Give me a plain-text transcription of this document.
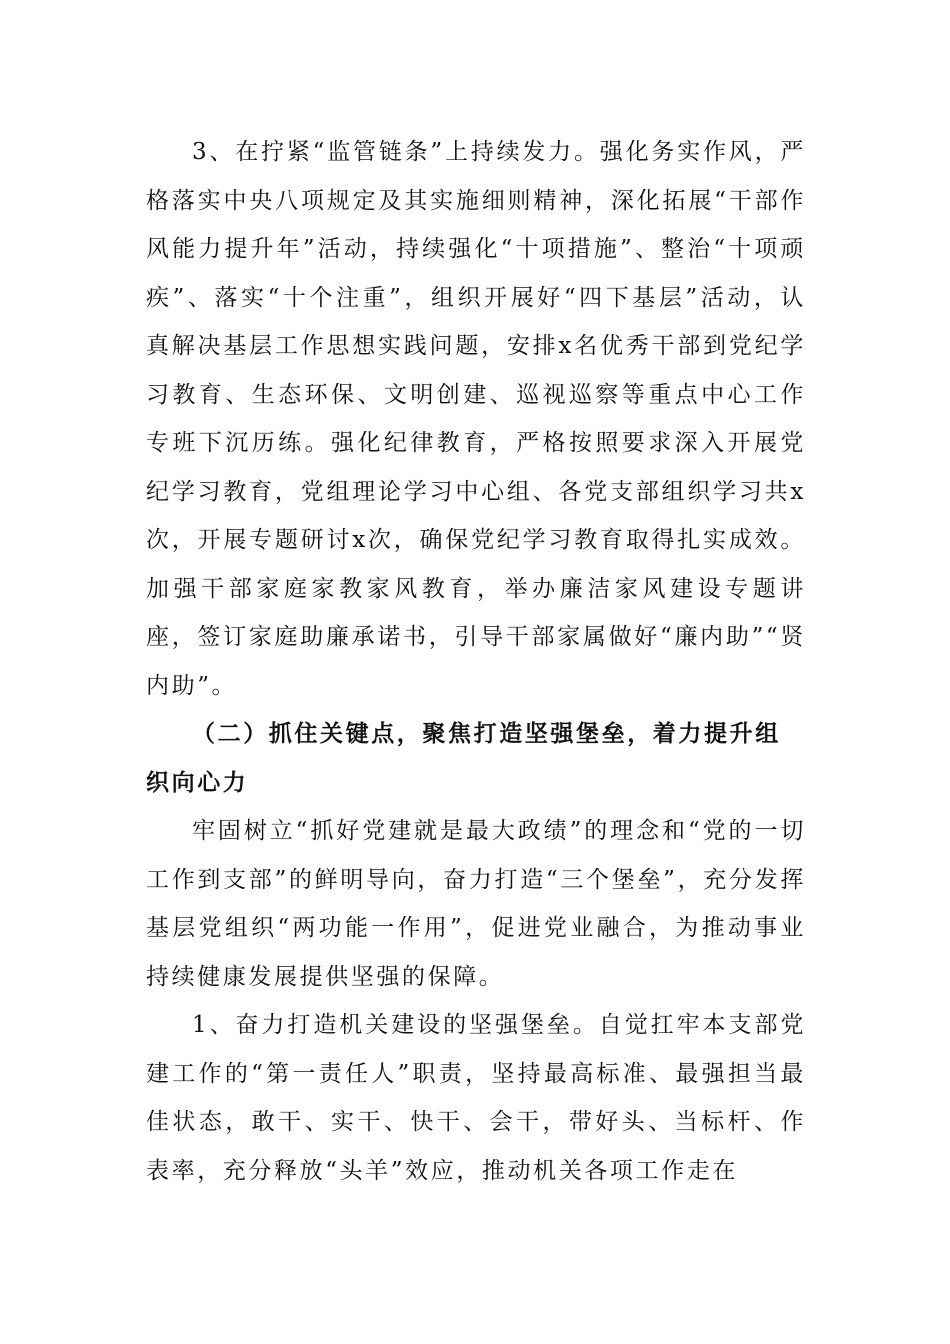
3、在拧紧“监管链条”上持续发力。强化务实作风，严格落实中央八项规定及其实施细则精神，深化拓展“干部作风能力提升年”活动，持续强化“十项措施”、整治“十项顽疾”、落实“十个注重”，组织开展好“四下基层”活动，认真解决基层工作思想实践问题，安排x名优秀干部到党纪学习教育、生态环保、文明创建、巡视巡察等重点中心工作专班下沉历练。强化纪律教育，严格按照要求深入开展党纪学习教育，党组理论学习中心组、各党支部组织学习共x次，开展专题研讨x次，确保党纪学习教育取得扎实成效。加强干部家庭家教家风教育，举办廉洁家风建设专题讲座，签订家庭助廉承诺书，引导干部家属做好“廉内助”“贤内助”。

（二）抓住关键点，聚焦打造坚强堡垒，着力提升组织向心力

牢固树立“抓好党建就是最大政绩”的理念和“党的一切工作到支部”的鲜明导向，奋力打造“三个堡垒”，充分发挥基层党组织“两功能一作用”，促进党业融合，为推动事业持续健康发展提供坚强的保障。

1、奋力打造机关建设的坚强堡垒。自觉扛牢本支部党建工作的“第一责任人”职责，坚持最高标准、最强担当最佳状态，敢干、实干、快干、会干，带好头、当标杆、作表率，充分释放“头羊”效应，推动机关各项工作走在
